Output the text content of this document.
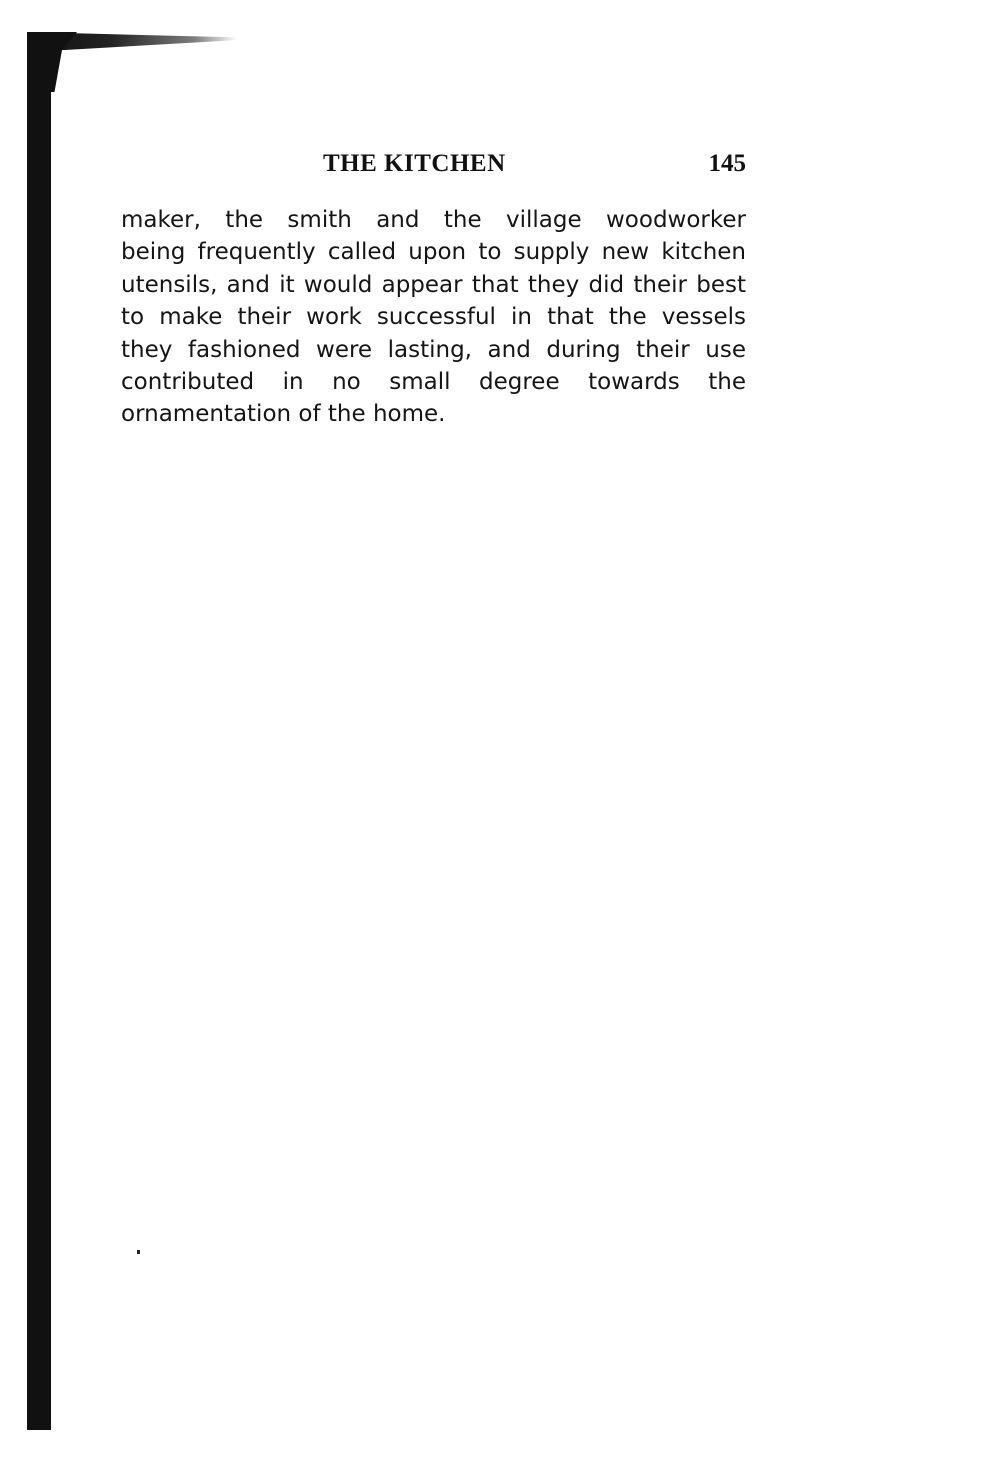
THE KITCHEN	145

maker, the smith and the village woodworker
being frequently called upon to supply new kitchen
utensils, and it would appear that they did their best
to make their work successful in that the vessels
they fashioned were lasting, and during their use
contributed in no small degree towards the
ornamentation of the home.
